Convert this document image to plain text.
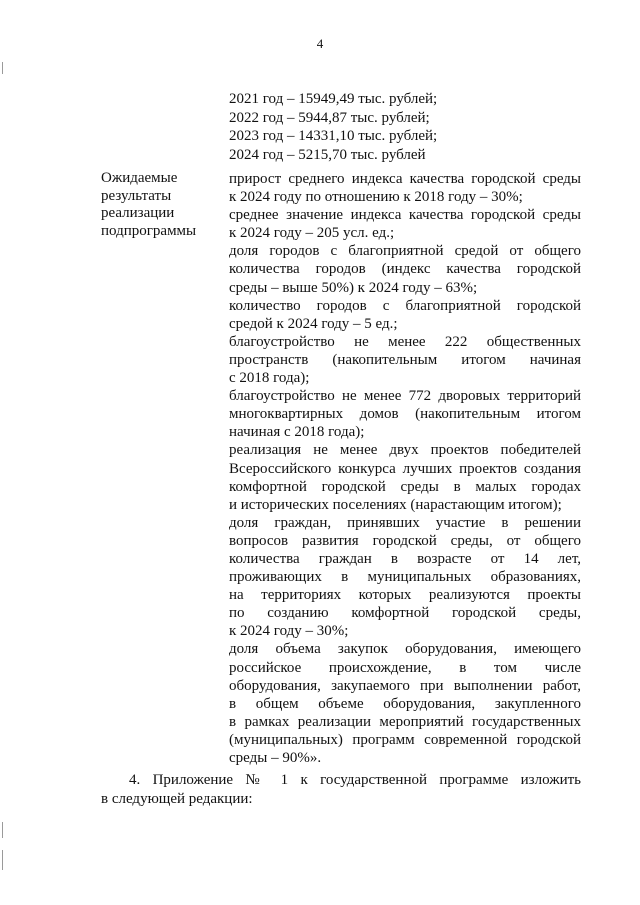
4
2021 год – 15949,49 тыс. рублей;
2022 год – 5944,87 тыс. рублей;
2023 год – 14331,10 тыс. рублей;
2024 год – 5215,70 тыс. рублей
Ожидаемые
результаты
реализации
подпрограммы
прирост среднего индекса качества городской среды
к 2024 году по отношению к 2018 году – 30%;
среднее значение индекса качества городской среды
к 2024 году – 205 усл. ед.;
доля городов с благоприятной средой от общего
количества городов (индекс качества городской
среды – выше 50%) к 2024 году – 63%;
количество городов с благоприятной городской
средой к 2024 году – 5 ед.;
благоустройство не менее 222 общественных
пространств (накопительным итогом начиная
с 2018 года);
благоустройство не менее 772 дворовых территорий
многоквартирных домов (накопительным итогом
начиная с 2018 года);
реализация не менее двух проектов победителей
Всероссийского конкурса лучших проектов создания
комфортной городской среды в малых городах
и исторических поселениях (нарастающим итогом);
доля граждан, принявших участие в решении
вопросов развития городской среды, от общего
количества граждан в возрасте от 14 лет,
проживающих в муниципальных образованиях,
на территориях которых реализуются проекты
по созданию комфортной городской среды,
к 2024 году – 30%;
доля объема закупок оборудования, имеющего
российское происхождение, в том числе
оборудования, закупаемого при выполнении работ,
в общем объеме оборудования, закупленного
в рамках реализации мероприятий государственных
(муниципальных) программ современной городской
среды – 90%».
4. Приложение № 1 к государственной программе изложить
в следующей редакции:
